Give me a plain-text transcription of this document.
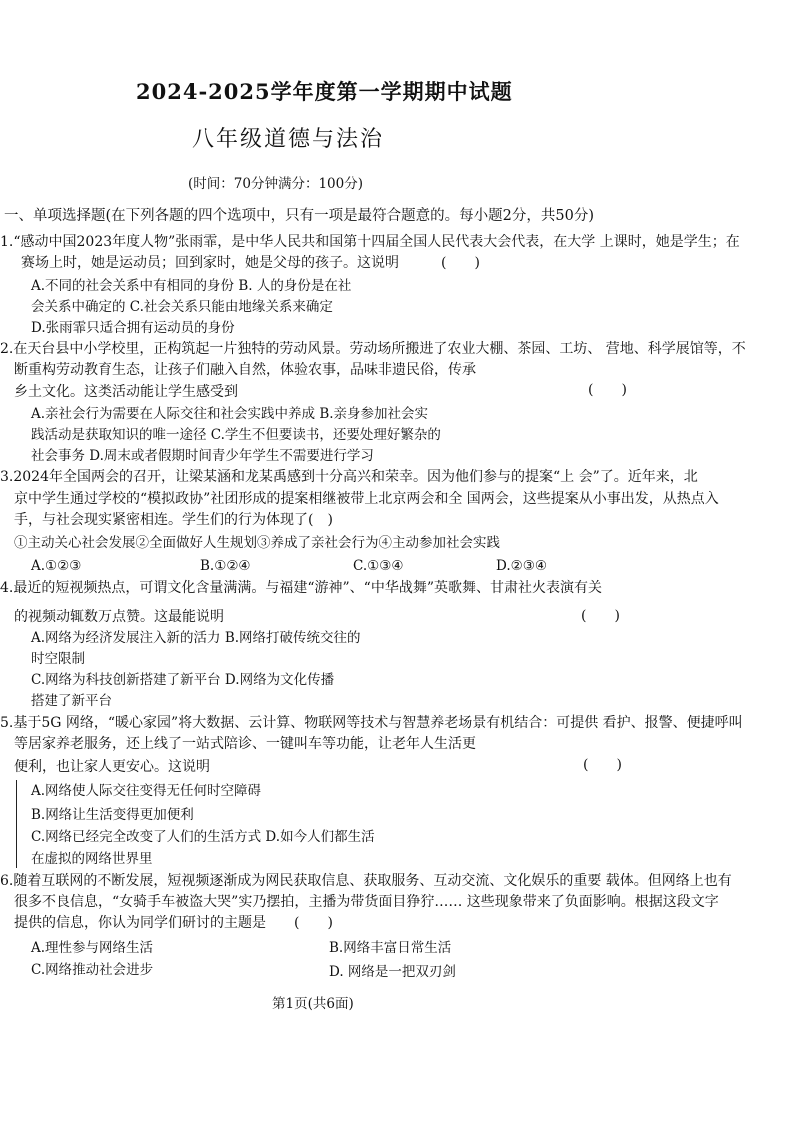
2024-2025学年度第一学期期中试题
八年级道德与法治
(时间：70分钟满分：100分)
一、单项选择题(在下列各题的四个选项中，只有一项是最符合题意的。每小题2分，共50分)
1.“感动中国2023年度人物”张雨霏，是中华人民共和国第十四届全国人民代表大会代表，在大学 上课时，她是学生；在
赛场上时，她是运动员；回到家时，她是父母的孩子。这说明　　　(　　)
A.不同的社会关系中有相同的身份 B. 人的身份是在社
会关系中确定的 C.社会关系只能由地缘关系来确定
D.张雨霏只适合拥有运动员的身份
2.在天台县中小学校里，正构筑起一片独特的劳动风景。劳动场所搬进了农业大棚、茶园、工坊、 营地、科学展馆等，不
断重构劳动教育生态，让孩子们融入自然，体验农事，品味非遗民俗，传承
乡土文化。这类活动能让学生感受到	(　　)
A.亲社会行为需要在人际交往和社会实践中养成 B.亲身参加社会实
践活动是获取知识的唯一途径 C.学生不但要读书，还要处理好繁杂的
社会事务 D.周末或者假期时间青少年学生不需要进行学习
3.2024年全国两会的召开，让梁某涵和龙某禹感到十分高兴和荣幸。因为他们参与的提案“上 会”了。近年来，北
京中学生通过学校的“模拟政协”社团形成的提案相继被带上北京两会和全 国两会，这些提案从小事出发，从热点入
手，与社会现实紧密相连。学生们的行为体现了(　)
①主动关心社会发展②全面做好人生规划③养成了亲社会行为④主动参加社会实践
A.①②③	B.①②④	C.①③④	D.②③④
4.最近的短视频热点，可谓文化含量满满。与福建“游神”、“中华战舞”英歌舞、甘肃社火表演有关
的视频动辄数万点赞。这最能说明	(　　)
A.网络为经济发展注入新的活力 B.网络打破传统交往的
时空限制
C.网络为科技创新搭建了新平台 D.网络为文化传播
搭建了新平台
5.基于5G 网络，“暖心家园”将大数据、云计算、物联网等技术与智慧养老场景有机结合：可提供 看护、报警、便捷呼叫
等居家养老服务，还上线了一站式陪诊、一键叫车等功能，让老年人生活更
便利，也让家人更安心。这说明	(　　)
A.网络使人际交往变得无任何时空障碍
B.网络让生活变得更加便利
C.网络已经完全改变了人们的生活方式 D.如今人们都生活
在虚拟的网络世界里
6.随着互联网的不断发展，短视频逐渐成为网民获取信息、获取服务、互动交流、文化娱乐的重要 载体。但网络上也有
很多不良信息，“女骑手车被盗大哭”实乃摆拍，主播为带货面目狰狞…… 这些现象带来了负面影响。根据这段文字
提供的信息，你认为同学们研讨的主题是　　(　　)
A.理性参与网络生活	B.网络丰富日常生活
C.网络推动社会进步	D. 网络是一把双刃剑
第1页(共6面)
